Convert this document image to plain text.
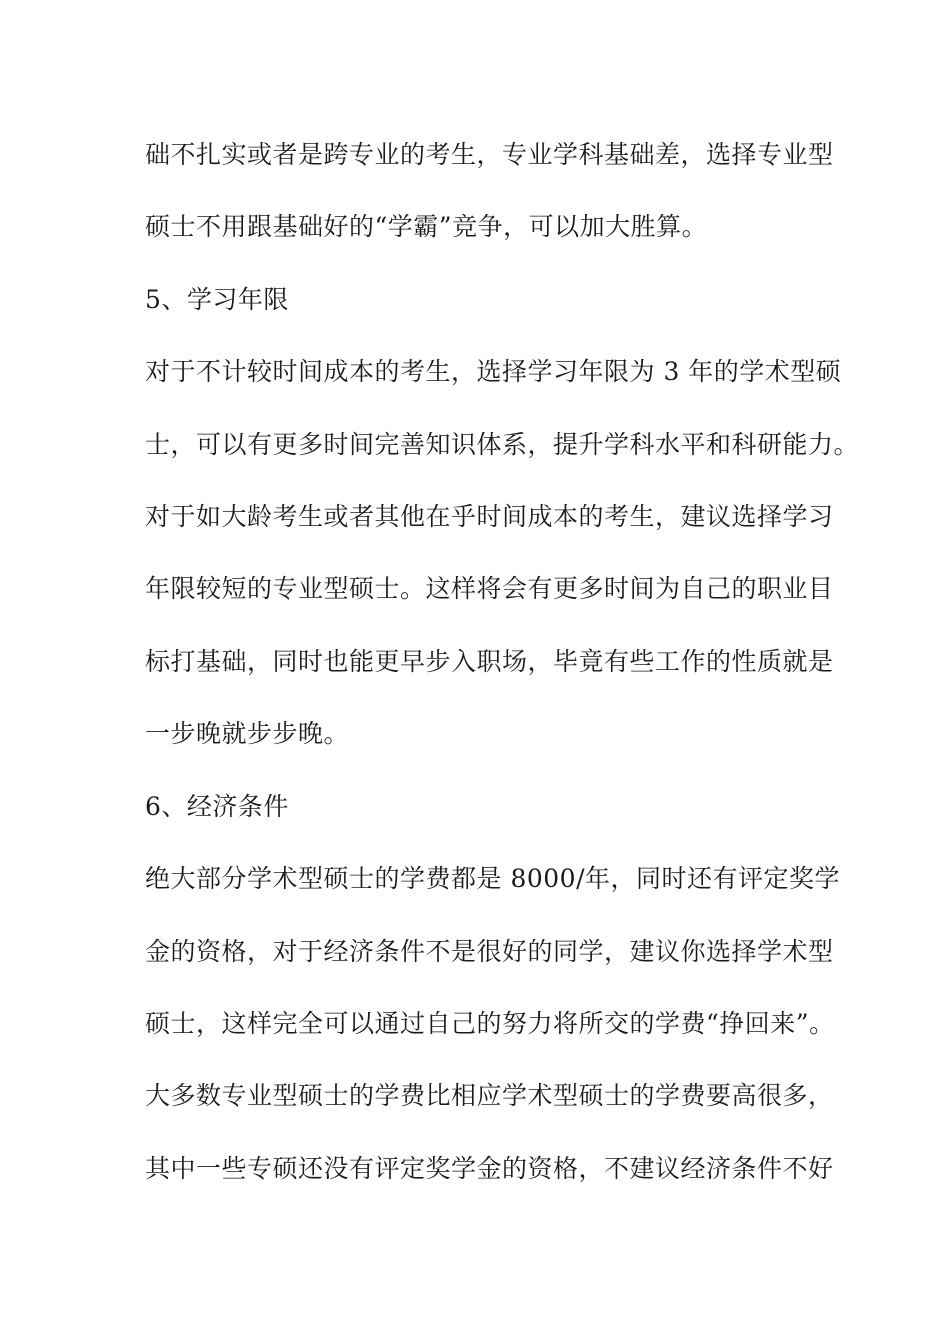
础不扎实或者是跨专业的考生，专业学科基础差，选择专业型
硕士不用跟基础好的“学霸”竞争，可以加大胜算。
5、学习年限
对于不计较时间成本的考生，选择学习年限为 3 年的学术型硕
士，可以有更多时间完善知识体系，提升学科水平和科研能力。
对于如大龄考生或者其他在乎时间成本的考生，建议选择学习
年限较短的专业型硕士。这样将会有更多时间为自己的职业目
标打基础，同时也能更早步入职场，毕竟有些工作的性质就是
一步晚就步步晚。
6、经济条件
绝大部分学术型硕士的学费都是 8000/年，同时还有评定奖学
金的资格，对于经济条件不是很好的同学，建议你选择学术型
硕士，这样完全可以通过自己的努力将所交的学费“挣回来”。
大多数专业型硕士的学费比相应学术型硕士的学费要高很多，
其中一些专硕还没有评定奖学金的资格，不建议经济条件不好
